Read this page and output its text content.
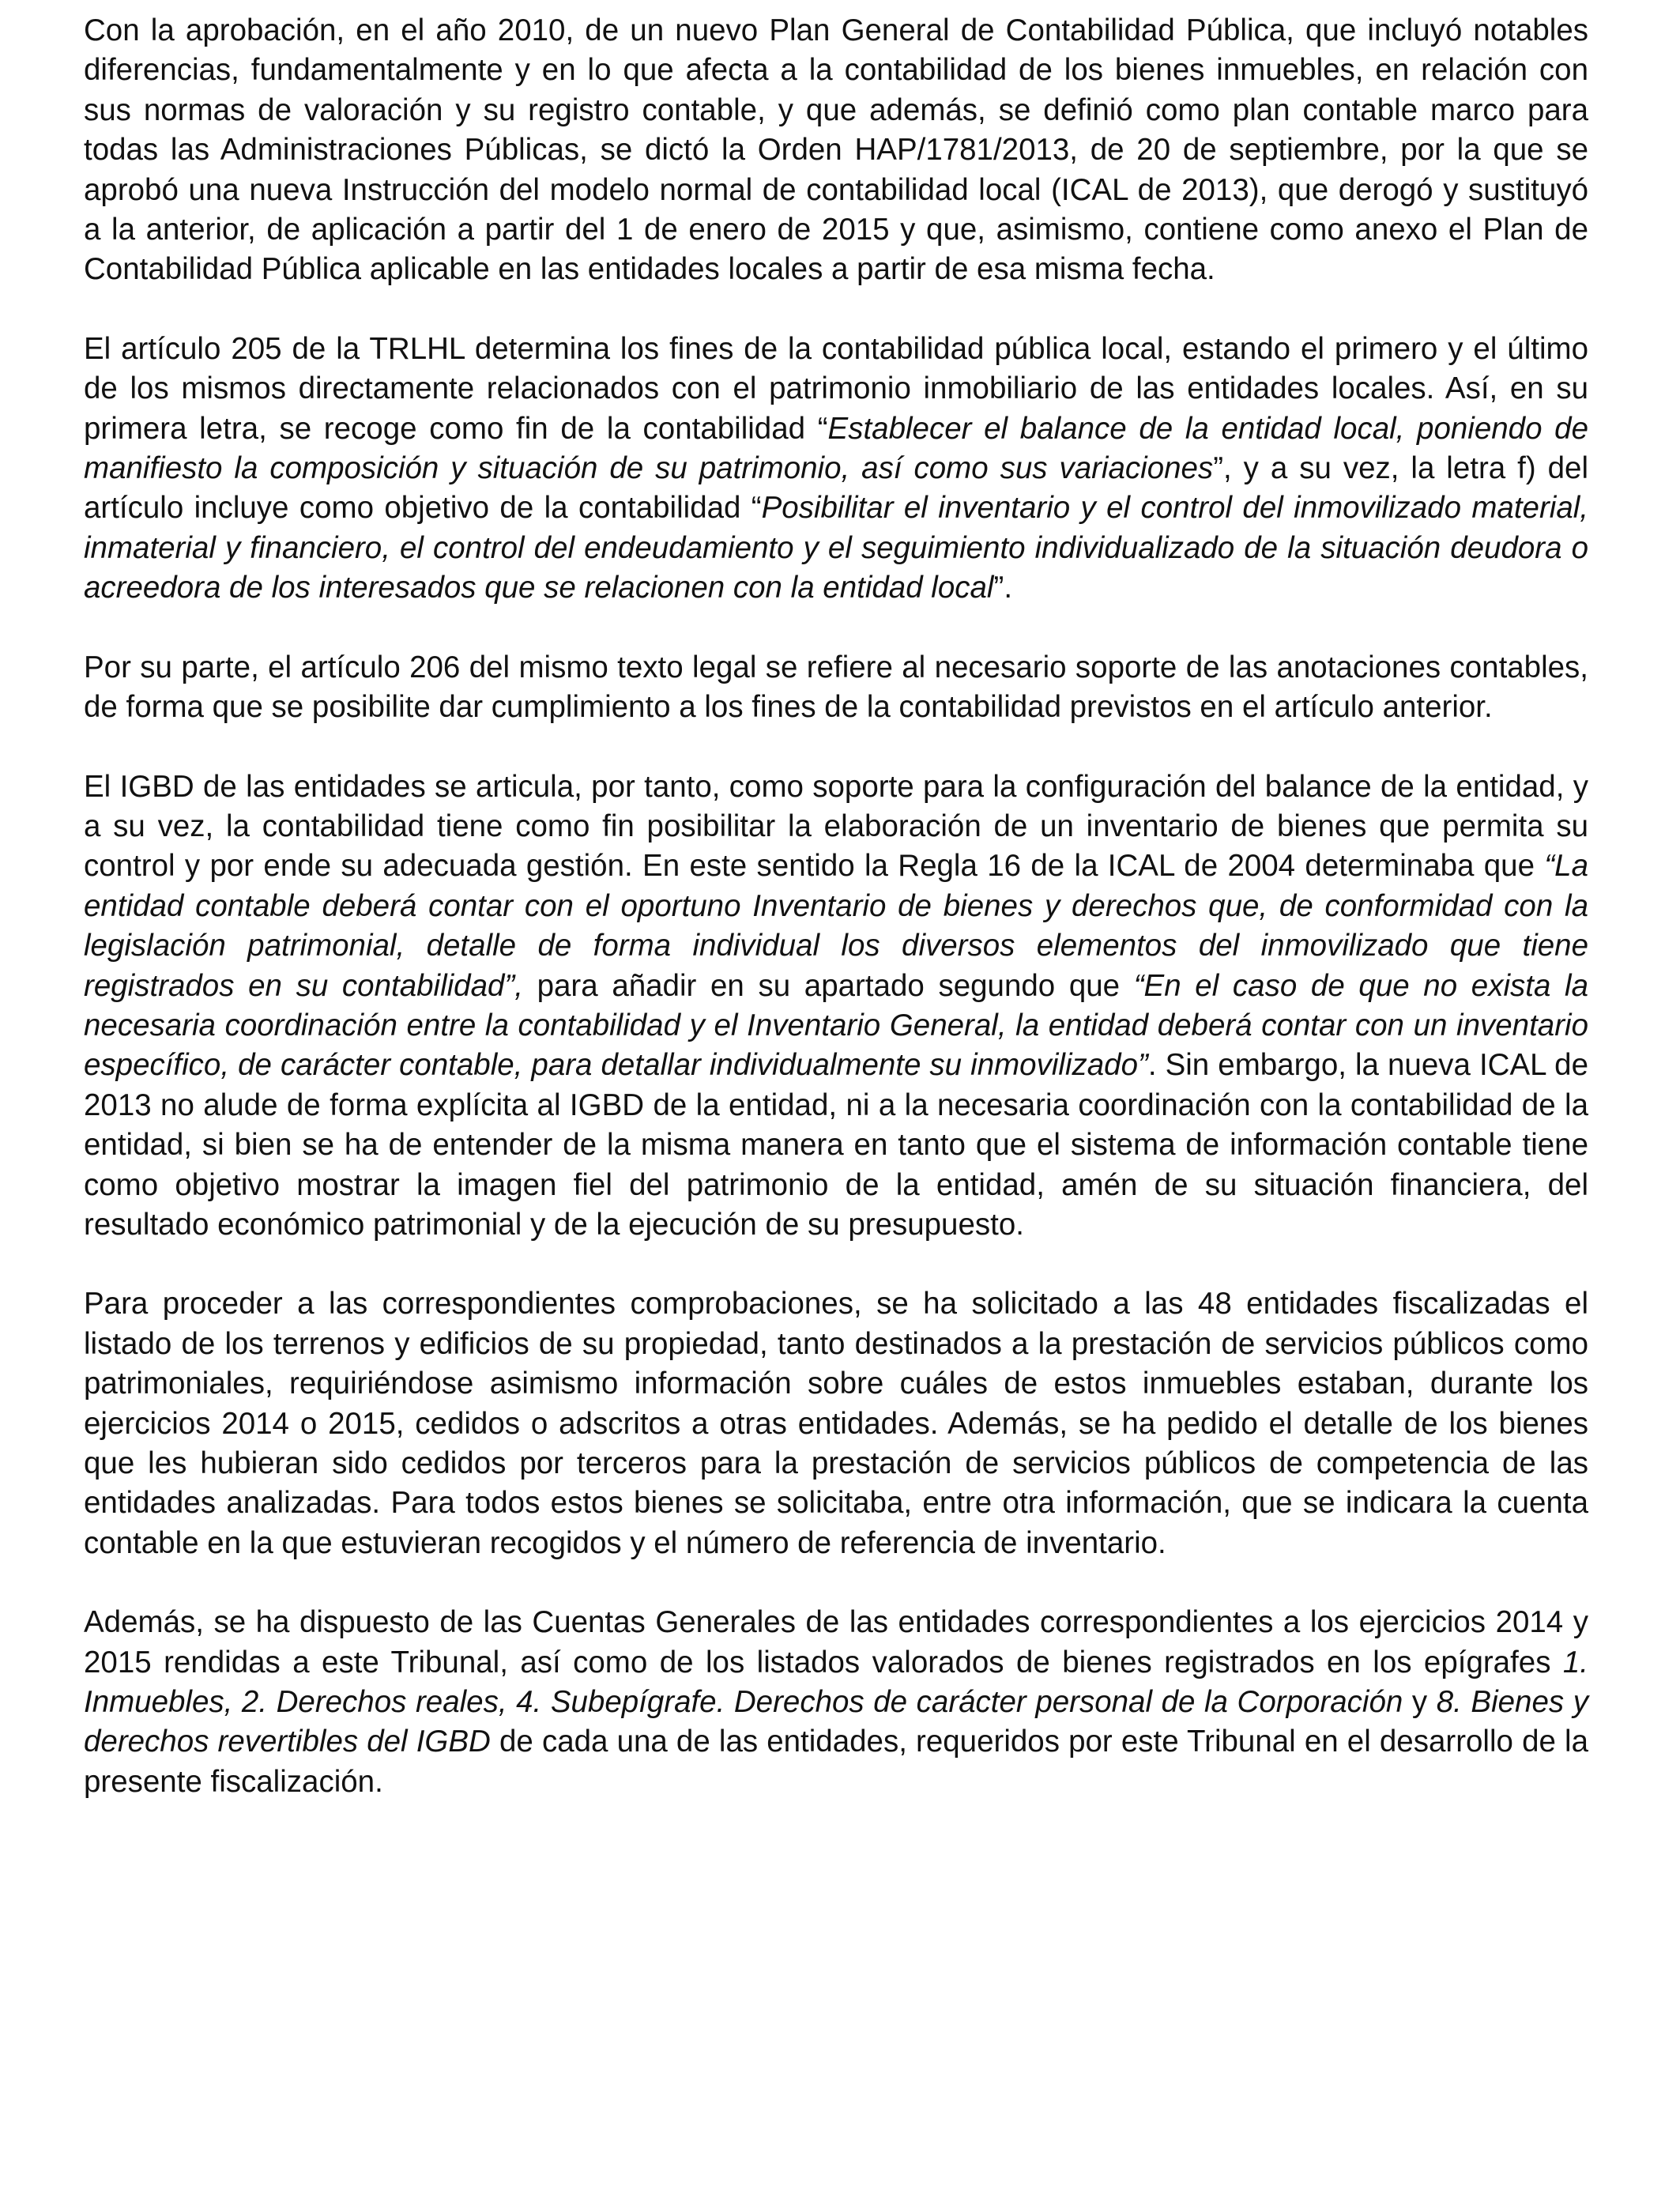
Con la aprobación, en el año 2010, de un nuevo Plan General de Contabilidad Pública, que incluyó notables diferencias, fundamentalmente y en lo que afecta a la contabilidad de los bienes inmuebles, en relación con sus normas de valoración y su registro contable, y que además, se definió como plan contable marco para todas las Administraciones Públicas, se dictó la Orden HAP/1781/2013, de 20 de septiembre, por la que se aprobó una nueva Instrucción del modelo normal de contabilidad local (ICAL de 2013), que derogó y sustituyó a la anterior, de aplicación a partir del 1 de enero de 2015 y que, asimismo, contiene como anexo el Plan de Contabilidad Pública aplicable en las entidades locales a partir de esa misma fecha.

El artículo 205 de la TRLHL determina los fines de la contabilidad pública local, estando el primero y el último de los mismos directamente relacionados con el patrimonio inmobiliario de las entidades locales. Así, en su primera letra, se recoge como fin de la contabilidad “Establecer el balance de la entidad local, poniendo de manifiesto la composición y situación de su patrimonio, así como sus variaciones”, y a su vez, la letra f) del artículo incluye como objetivo de la contabilidad “Posibilitar el inventario y el control del inmovilizado material, inmaterial y financiero, el control del endeudamiento y el seguimiento individualizado de la situación deudora o acreedora de los interesados que se relacionen con la entidad local”.

Por su parte, el artículo 206 del mismo texto legal se refiere al necesario soporte de las anotaciones contables, de forma que se posibilite dar cumplimiento a los fines de la contabilidad previstos en el artículo anterior.

El IGBD de las entidades se articula, por tanto, como soporte para la configuración del balance de la entidad, y a su vez, la contabilidad tiene como fin posibilitar la elaboración de un inventario de bienes que permita su control y por ende su adecuada gestión. En este sentido la Regla 16 de la ICAL de 2004 determinaba que “La entidad contable deberá contar con el oportuno Inventario de bienes y derechos que, de conformidad con la legislación patrimonial, detalle de forma individual los diversos elementos del inmovilizado que tiene registrados en su contabilidad”, para añadir en su apartado segundo que “En el caso de que no exista la necesaria coordinación entre la contabilidad y el Inventario General, la entidad deberá contar con un inventario específico, de carácter contable, para detallar individualmente su inmovilizado”. Sin embargo, la nueva ICAL de 2013 no alude de forma explícita al IGBD de la entidad, ni a la necesaria coordinación con la contabilidad de la entidad, si bien se ha de entender de la misma manera en tanto que el sistema de información contable tiene como objetivo mostrar la imagen fiel del patrimonio de la entidad, amén de su situación financiera, del resultado económico patrimonial y de la ejecución de su presupuesto.

Para proceder a las correspondientes comprobaciones, se ha solicitado a las 48 entidades fiscalizadas el listado de los terrenos y edificios de su propiedad, tanto destinados a la prestación de servicios públicos como patrimoniales, requiriéndose asimismo información sobre cuáles de estos inmuebles estaban, durante los ejercicios 2014 o 2015, cedidos o adscritos a otras entidades. Además, se ha pedido el detalle de los bienes que les hubieran sido cedidos por terceros para la prestación de servicios públicos de competencia de las entidades analizadas. Para todos estos bienes se solicitaba, entre otra información, que se indicara la cuenta contable en la que estuvieran recogidos y el número de referencia de inventario.

Además, se ha dispuesto de las Cuentas Generales de las entidades correspondientes a los ejercicios 2014 y 2015 rendidas a este Tribunal, así como de los listados valorados de bienes registrados en los epígrafes 1. Inmuebles, 2. Derechos reales, 4. Subepígrafe. Derechos de carácter personal de la Corporación y 8. Bienes y derechos revertibles del IGBD de cada una de las entidades, requeridos por este Tribunal en el desarrollo de la presente fiscalización.
